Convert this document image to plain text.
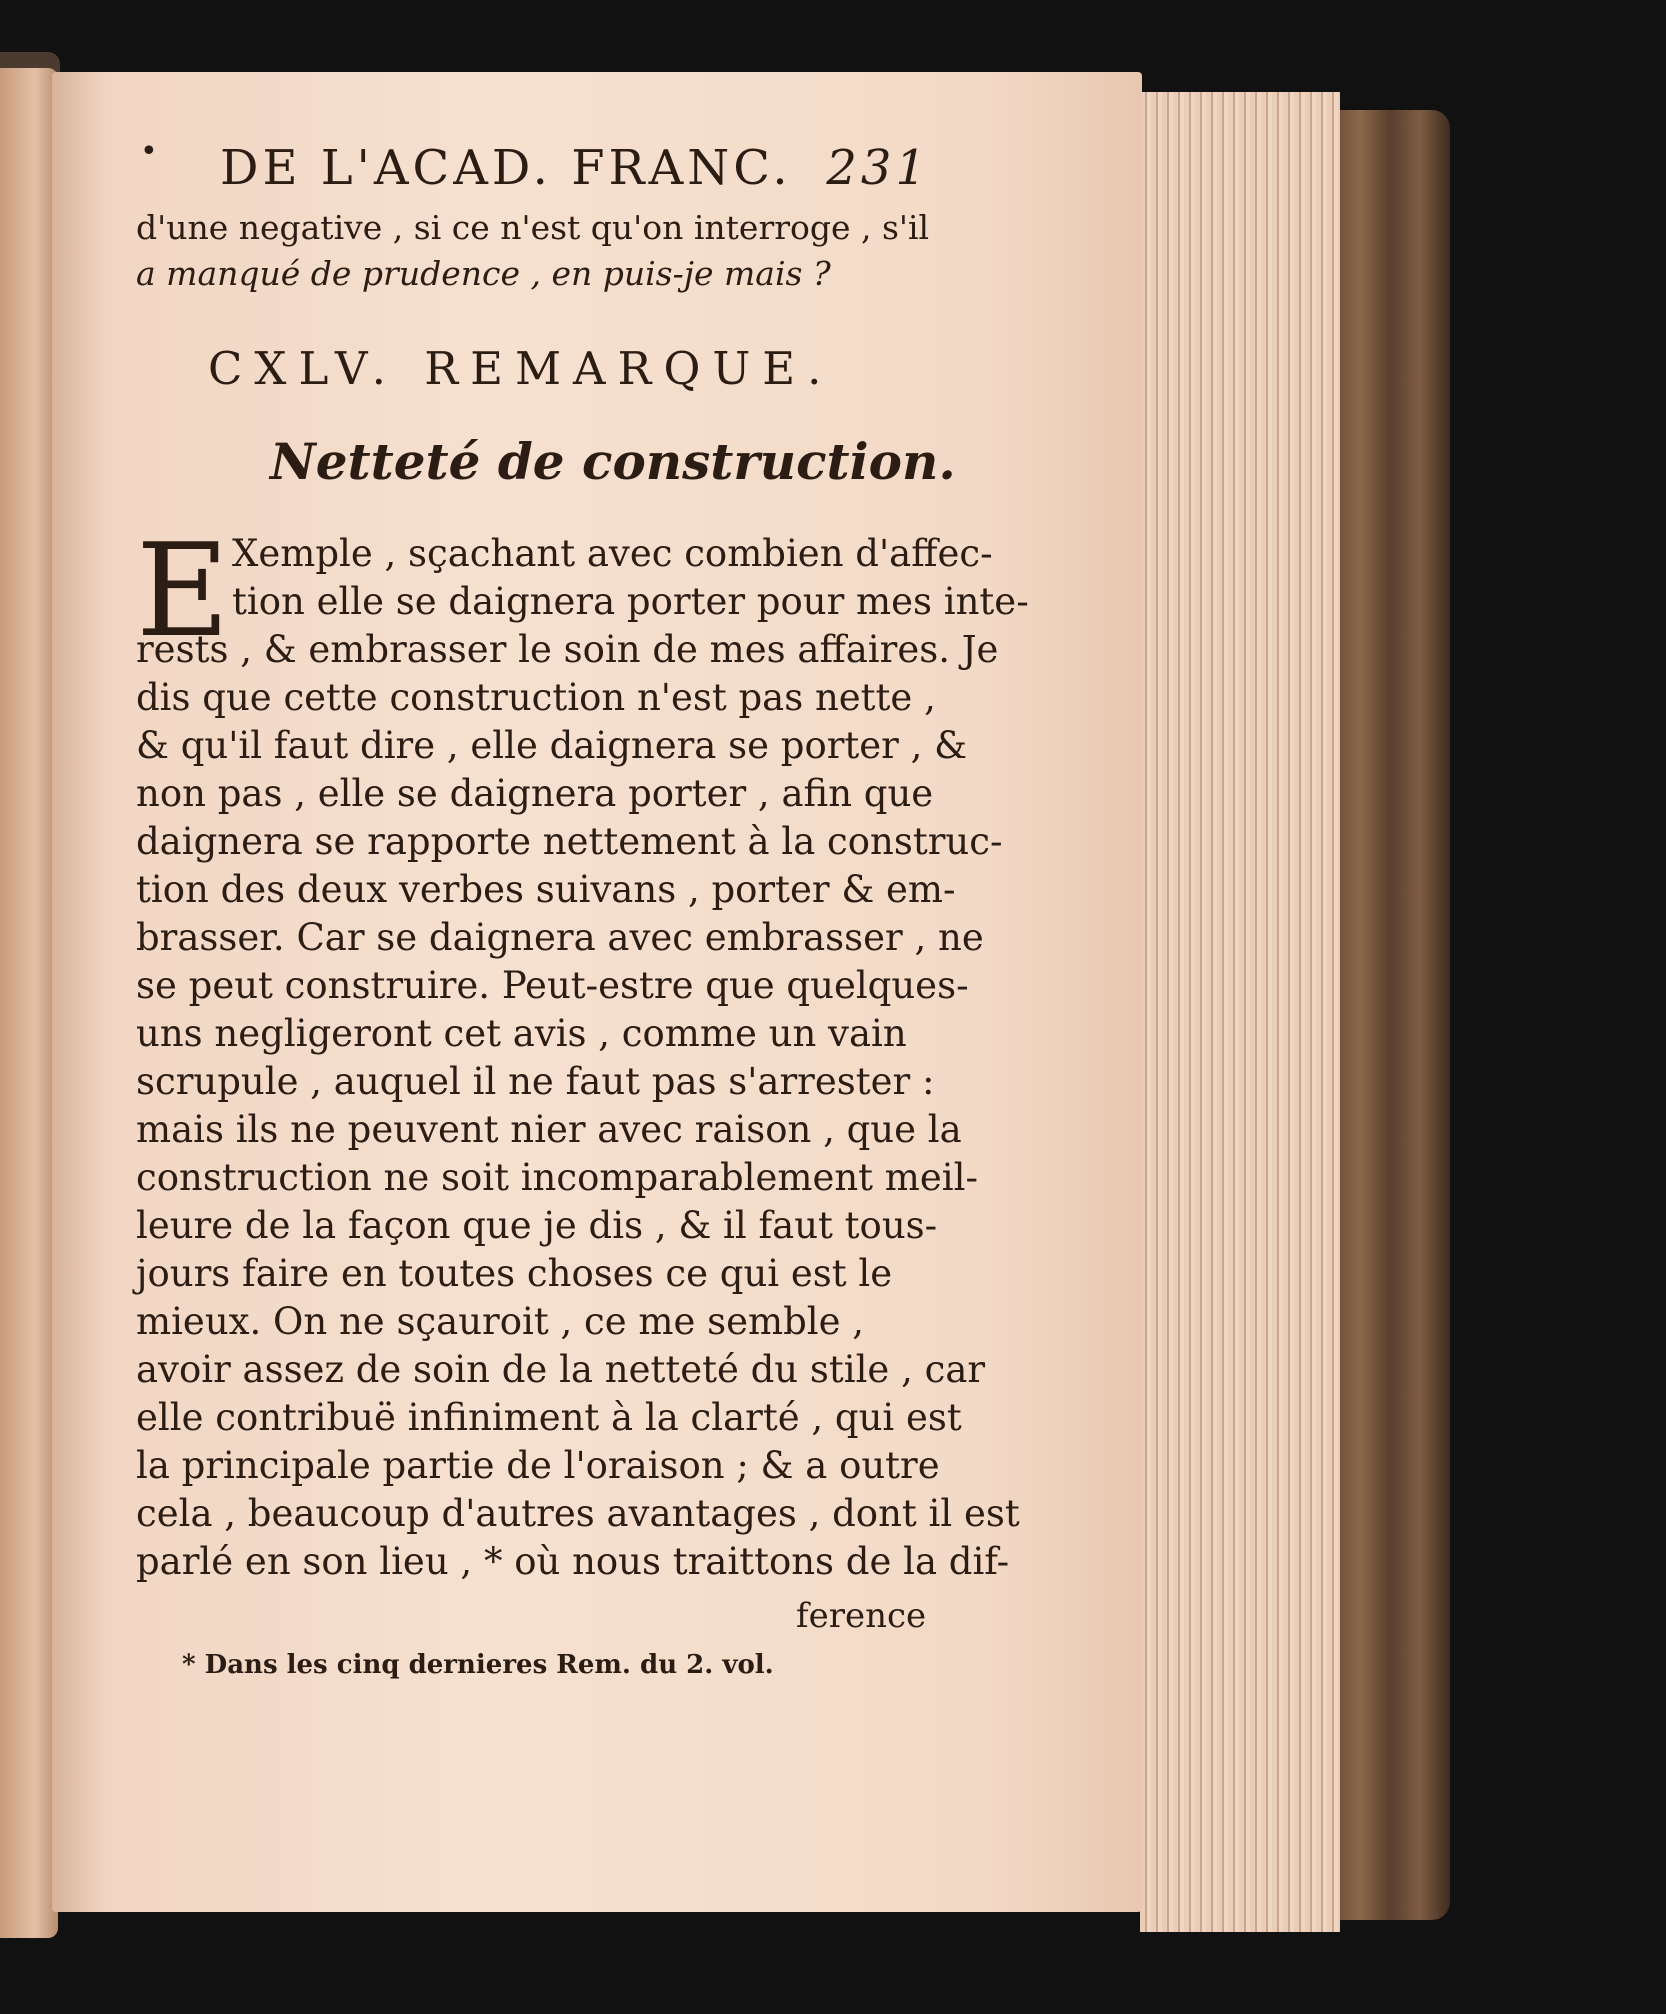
• DE L'ACAD. FRANC. 231
d'une negative , si ce n'est qu'on interroge , s'il
a manqué de prudence , en puis-je mais ?
CXLV. REMARQUE.
Netteté de construction.
E Xemple , sçachant avec combien d'affec-
tion elle se daignera porter pour mes inte-
rests , & embrasser le soin de mes affaires. Je
dis que cette construction n'est pas nette ,
& qu'il faut dire , elle daignera se porter , &
non pas , elle se daignera porter , afin que
daignera se rapporte nettement à la construc-
tion des deux verbes suivans , porter & em-
brasser. Car se daignera avec embrasser , ne
se peut construire. Peut-estre que quelques-
uns negligeront cet avis , comme un vain
scrupule , auquel il ne faut pas s'arrester :
mais ils ne peuvent nier avec raison , que la
construction ne soit incomparablement meil-
leure de la façon que je dis , & il faut tous-
jours faire en toutes choses ce qui est le
mieux. On ne sçauroit , ce me semble ,
avoir assez de soin de la netteté du stile , car
elle contribuë infiniment à la clarté , qui est
la principale partie de l'oraison ; & a outre
cela , beaucoup d'autres avantages , dont il est
parlé en son lieu , * où nous traittons de la dif-
ference
* Dans les cinq dernieres Rem. du 2. vol.
